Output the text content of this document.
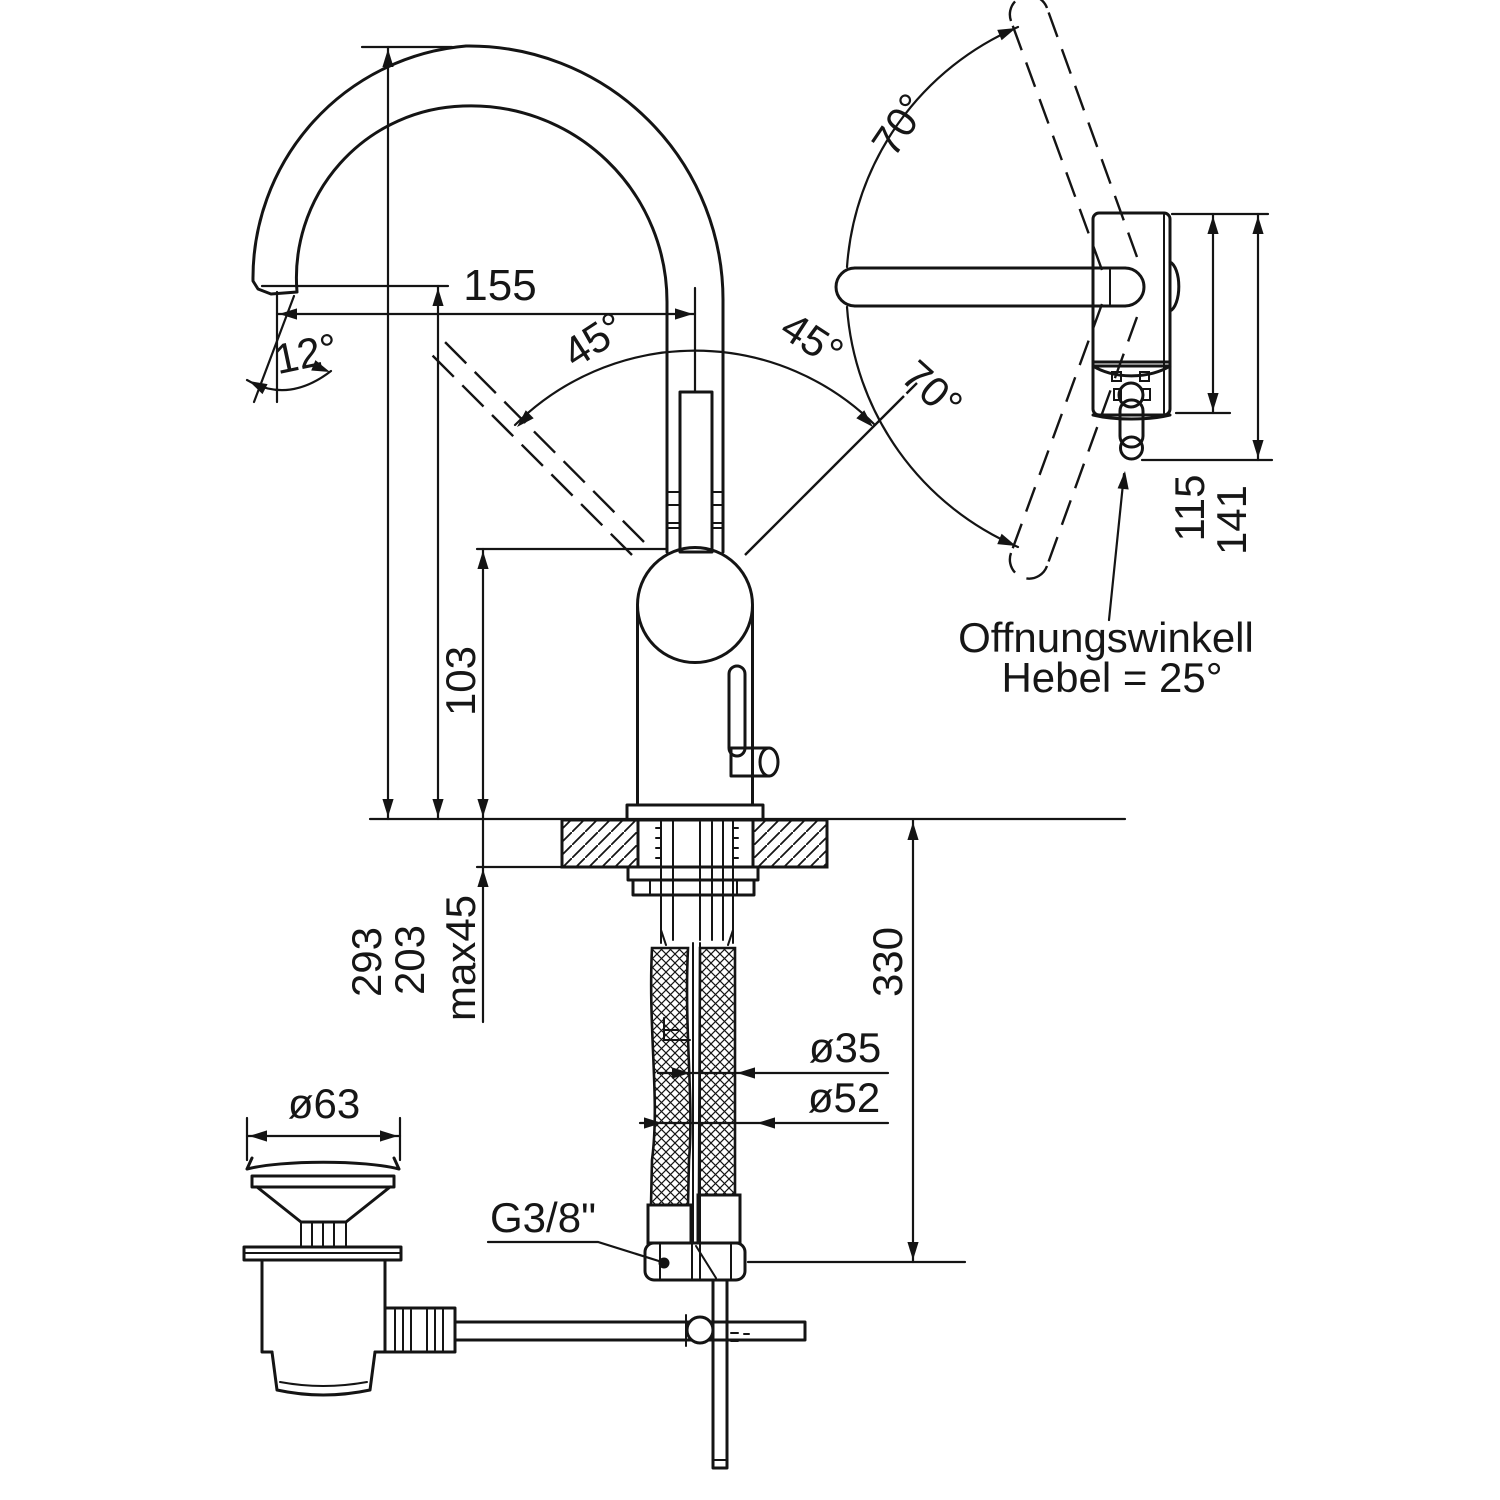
155
12°	45°	45°
70°
70°
293
203
103
max45	330
ø35
ø52
ø63
115
141
G3/8"
Offnungswinkell
Hebel = 25°
